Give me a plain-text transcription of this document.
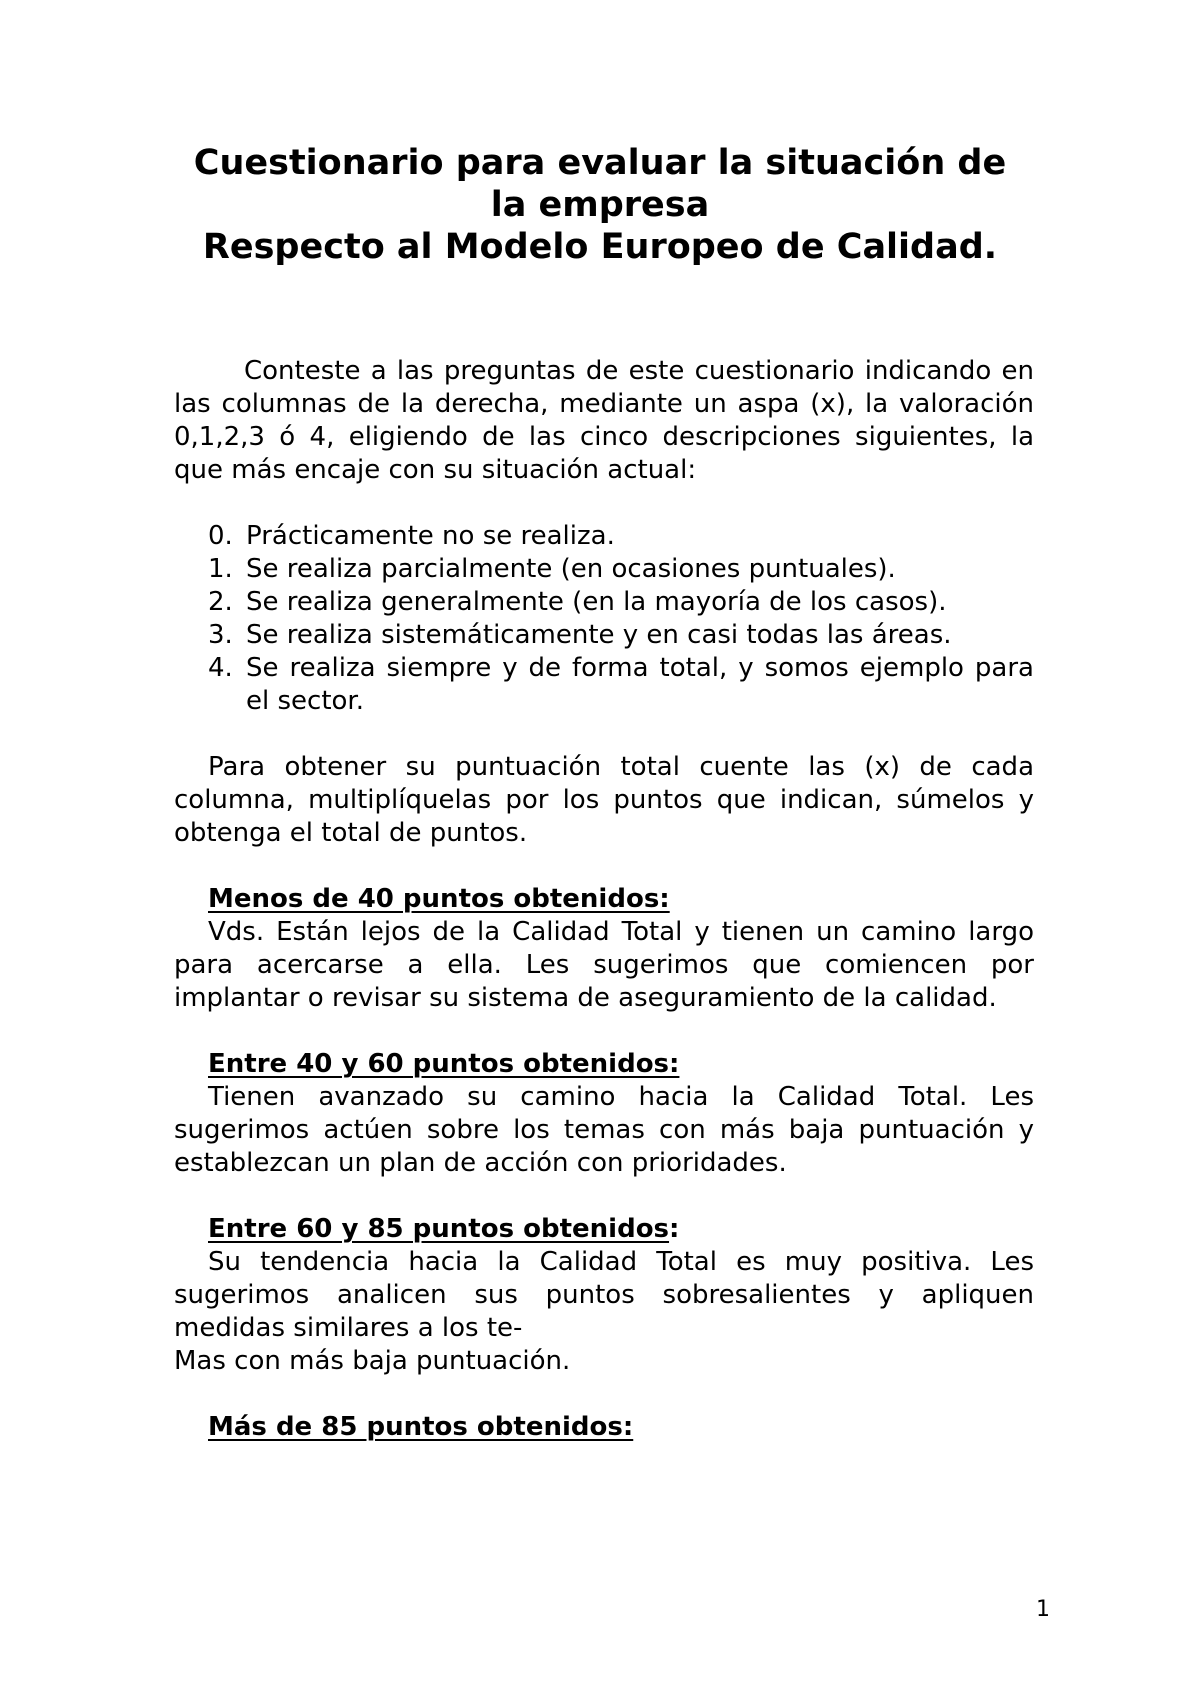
Cuestionario para evaluar la situación de
la empresa
Respecto al Modelo Europeo de Calidad.

Conteste a las preguntas de este cuestionario indicando en las columnas de la derecha, mediante un aspa (x), la valoración 0,1,2,3 ó 4, eligiendo de las cinco descripciones siguientes, la que más encaje con su situación actual:

0. Prácticamente no se realiza.
1. Se realiza parcialmente (en ocasiones puntuales).
2. Se realiza generalmente (en la mayoría de los casos).
3. Se realiza sistemáticamente y en casi todas las áreas.
4. Se realiza siempre y de forma total, y somos ejemplo para el sector.

Para obtener su puntuación total cuente las (x) de cada columna, multiplíquelas por los puntos que indican, súmelos y obtenga el total de puntos.

Menos de 40 puntos obtenidos:

Vds. Están lejos de la Calidad Total y tienen un camino largo para acercarse a ella. Les sugerimos que comiencen por implantar o revisar su sistema de aseguramiento de la calidad.

Entre 40 y 60 puntos obtenidos:

Tienen avanzado su camino hacia la Calidad Total. Les sugerimos actúen sobre los temas con más baja puntuación y establezcan un plan de acción con prioridades.

Entre 60 y 85 puntos obtenidos:

Su tendencia hacia la Calidad Total es muy positiva. Les sugerimos analicen sus puntos sobresalientes y apliquen medidas similares a los te-

Mas con más baja puntuación.

Más de 85 puntos obtenidos:

1
